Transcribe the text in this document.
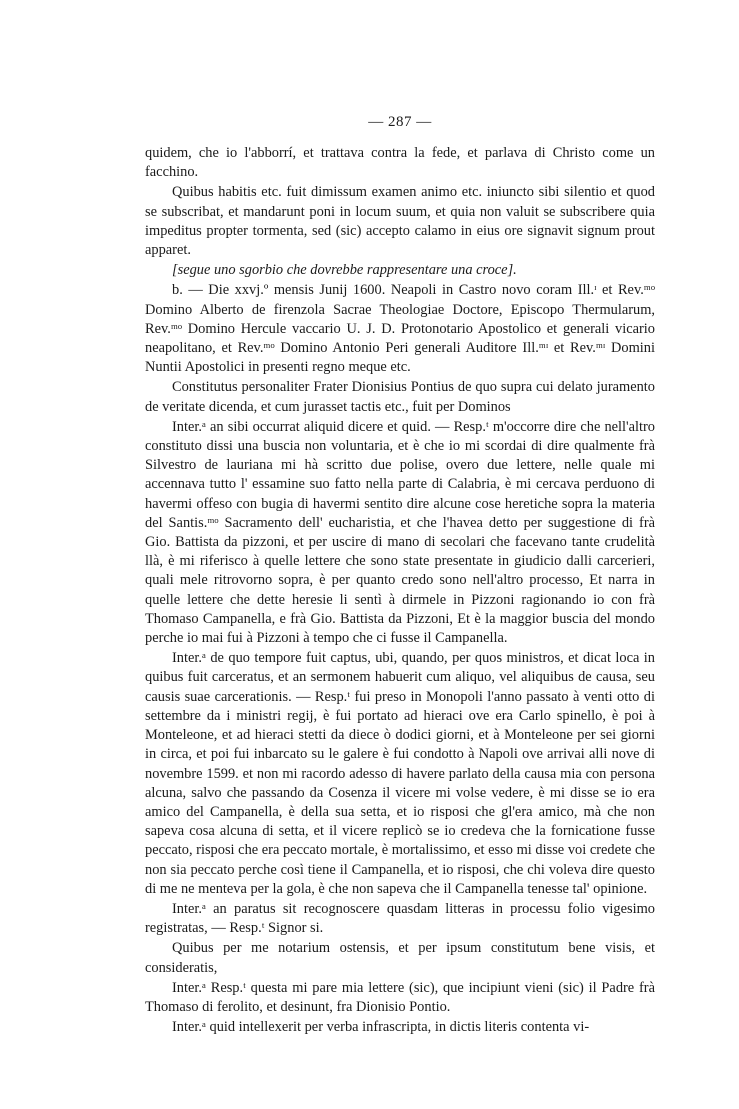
— 287 —

quidem, che io l'abborrí, et trattava contra la fede, et parlava di Christo come un facchino.

Quibus habitis etc. fuit dimissum examen animo etc. iniuncto sibi silentio et quod se subscribat, et mandarunt poni in locum suum, et quia non valuit se subscribere quia impeditus propter tormenta, sed (sic) accepto calamo in eius ore signavit signum prout apparet.

[segue uno sgorbio che dovrebbe rappresentare una croce].

b. — Die xxvj.º mensis Junij 1600. Neapoli in Castro novo coram Ill.ᶦ et Rev.ᵐᵒ Domino Alberto de firenzola Sacrae Theologiae Doctore, Episcopo Thermularum, Rev.ᵐᵒ Domino Hercule vaccario U. J. D. Protonotario Apostolico et generali vicario neapolitano, et Rev.ᵐᵒ Domino Antonio Peri generali Auditore Ill.ᵐᶦ et Rev.ᵐᶦ Domini Nuntii Apostolici in presenti regno meque etc.

Constitutus personaliter Frater Dionisius Pontius de quo supra cui delato juramento de veritate dicenda, et cum jurasset tactis etc., fuit per Dominos

Inter.ᵃ an sibi occurrat aliquid dicere et quid. — Resp.ᵗ m'occorre dire che nell'altro constituto dissi una buscia non voluntaria, et è che io mi scordai di dire qualmente frà Silvestro de lauriana mi hà scritto due polise, overo due lettere, nelle quale mi accennava tutto l' essamine suo fatto nella parte di Calabria, è mi cercava perduono di havermi offeso con bugia di havermi sentito dire alcune cose heretiche sopra la materia del Santis.ᵐᵒ Sacramento dell' eucharistia, et che l'havea detto per suggestione di frà Gio. Battista da pizzoni, et per uscire di mano di secolari che facevano tante crudelità llà, è mi riferisco à quelle lettere che sono state presentate in giudicio dalli carcerieri, quali mele ritrovorno sopra, è per quanto credo sono nell'altro processo, Et narra in quelle lettere che dette heresie li sentì à dirmele in Pizzoni ragionando io con frà Thomaso Campanella, e frà Gio. Battista da Pizzoni, Et è la maggior buscia del mondo perche io mai fui à Pizzoni à tempo che ci fusse il Campanella.

Inter.ᵃ de quo tempore fuit captus, ubi, quando, per quos ministros, et dicat loca in quibus fuit carceratus, et an sermonem habuerit cum aliquo, vel aliquibus de causa, seu causis suae carcerationis. — Resp.ᵗ fui preso in Monopoli l'anno passato à venti otto di settembre da i ministri regij, è fui portato ad hieraci ove era Carlo spinello, è poi à Monteleone, et ad hieraci stetti da diece ò dodici giorni, et à Monteleone per sei giorni in circa, et poi fui inbarcato su le galere è fui condotto à Napoli ove arrivai alli nove di novembre 1599. et non mi racordo adesso di havere parlato della causa mia con persona alcuna, salvo che passando da Cosenza il vicere mi volse vedere, è mi disse se io era amico del Campanella, è della sua setta, et io risposi che gl'era amico, mà che non sapeva cosa alcuna di setta, et il vicere replicò se io credeva che la fornicatione fusse peccato, risposi che era peccato mortale, è mortalissimo, et esso mi disse voi credete che non sia peccato perche così tiene il Campanella, et io risposi, che chi voleva dire questo di me ne menteva per la gola, è che non sapeva che il Campanella tenesse tal' opinione.

Inter.ᵃ an paratus sit recognoscere quasdam litteras in processu folio vigesimo registratas, — Resp.ᵗ Signor si.

Quibus per me notarium ostensis, et per ipsum constitutum bene visis, et consideratis,

Inter.ᵃ Resp.ᵗ questa mi pare mia lettere (sic), que incipiunt vieni (sic) il Padre frà Thomaso di ferolito, et desinunt, fra Dionisio Pontio.

Inter.ᵃ quid intellexerit per verba infrascripta, in dictis literis contenta vi-
